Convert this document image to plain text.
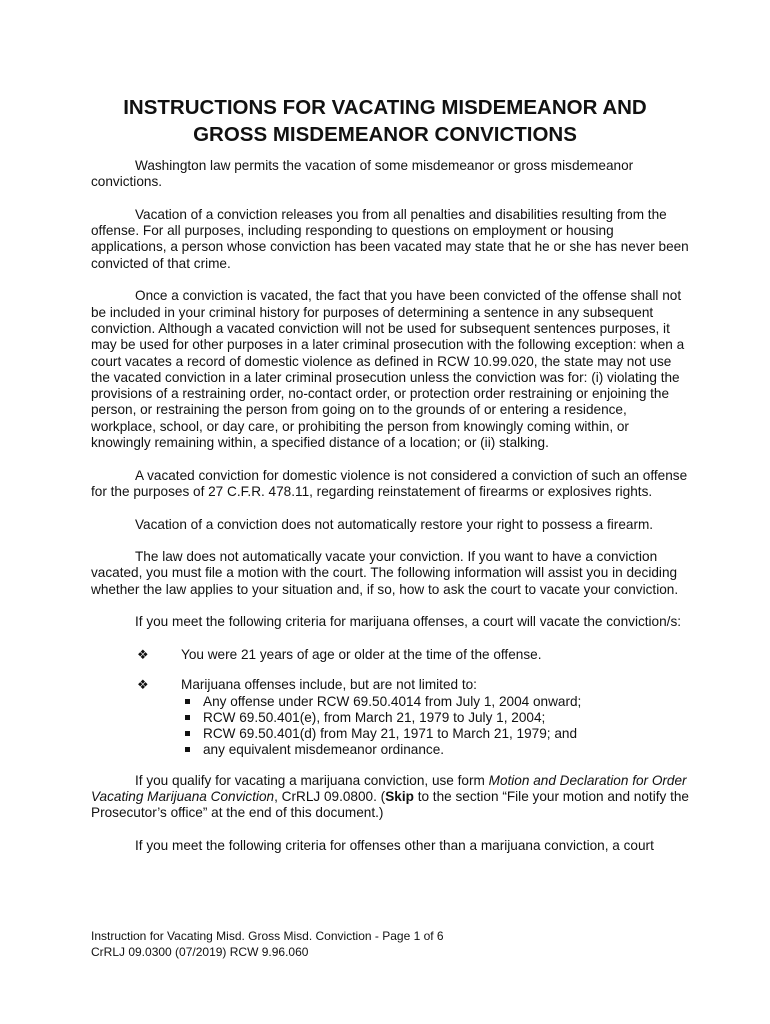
INSTRUCTIONS FOR VACATING MISDEMEANOR AND
GROSS MISDEMEANOR CONVICTIONS

Washington law permits the vacation of some misdemeanor or gross misdemeanor convictions.

Vacation of a conviction releases you from all penalties and disabilities resulting from the offense. For all purposes, including responding to questions on employment or housing applications, a person whose conviction has been vacated may state that he or she has never been convicted of that crime.

Once a conviction is vacated, the fact that you have been convicted of the offense shall not be included in your criminal history for purposes of determining a sentence in any subsequent conviction. Although a vacated conviction will not be used for subsequent sentences purposes, it may be used for other purposes in a later criminal prosecution with the following exception: when a court vacates a record of domestic violence as defined in RCW 10.99.020, the state may not use the vacated conviction in a later criminal prosecution unless the conviction was for: (i) violating the provisions of a restraining order, no-contact order, or protection order restraining or enjoining the person, or restraining the person from going on to the grounds of or entering a residence, workplace, school, or day care, or prohibiting the person from knowingly coming within, or knowingly remaining within, a specified distance of a location; or (ii) stalking.

A vacated conviction for domestic violence is not considered a conviction of such an offense for the purposes of 27 C.F.R. 478.11, regarding reinstatement of firearms or explosives rights.

Vacation of a conviction does not automatically restore your right to possess a firearm.

The law does not automatically vacate your conviction. If you want to have a conviction vacated, you must file a motion with the court. The following information will assist you in deciding whether the law applies to your situation and, if so, how to ask the court to vacate your conviction.

If you meet the following criteria for marijuana offenses, a court will vacate the conviction/s:

❖ You were 21 years of age or older at the time of the offense.
❖ Marijuana offenses include, but are not limited to:
Any offense under RCW 69.50.4014 from July 1, 2004 onward;
RCW 69.50.401(e), from March 21, 1979 to July 1, 2004;
RCW 69.50.401(d) from May 21, 1971 to March 21, 1979; and
any equivalent misdemeanor ordinance.

If you qualify for vacating a marijuana conviction, use form Motion and Declaration for Order Vacating Marijuana Conviction, CrRLJ 09.0800. (Skip to the section “File your motion and notify the Prosecutor’s office” at the end of this document.)

If you meet the following criteria for offenses other than a marijuana conviction, a court

Instruction for Vacating Misd. Gross Misd. Conviction - Page 1 of 6
CrRLJ 09.0300 (07/2019) RCW 9.96.060
